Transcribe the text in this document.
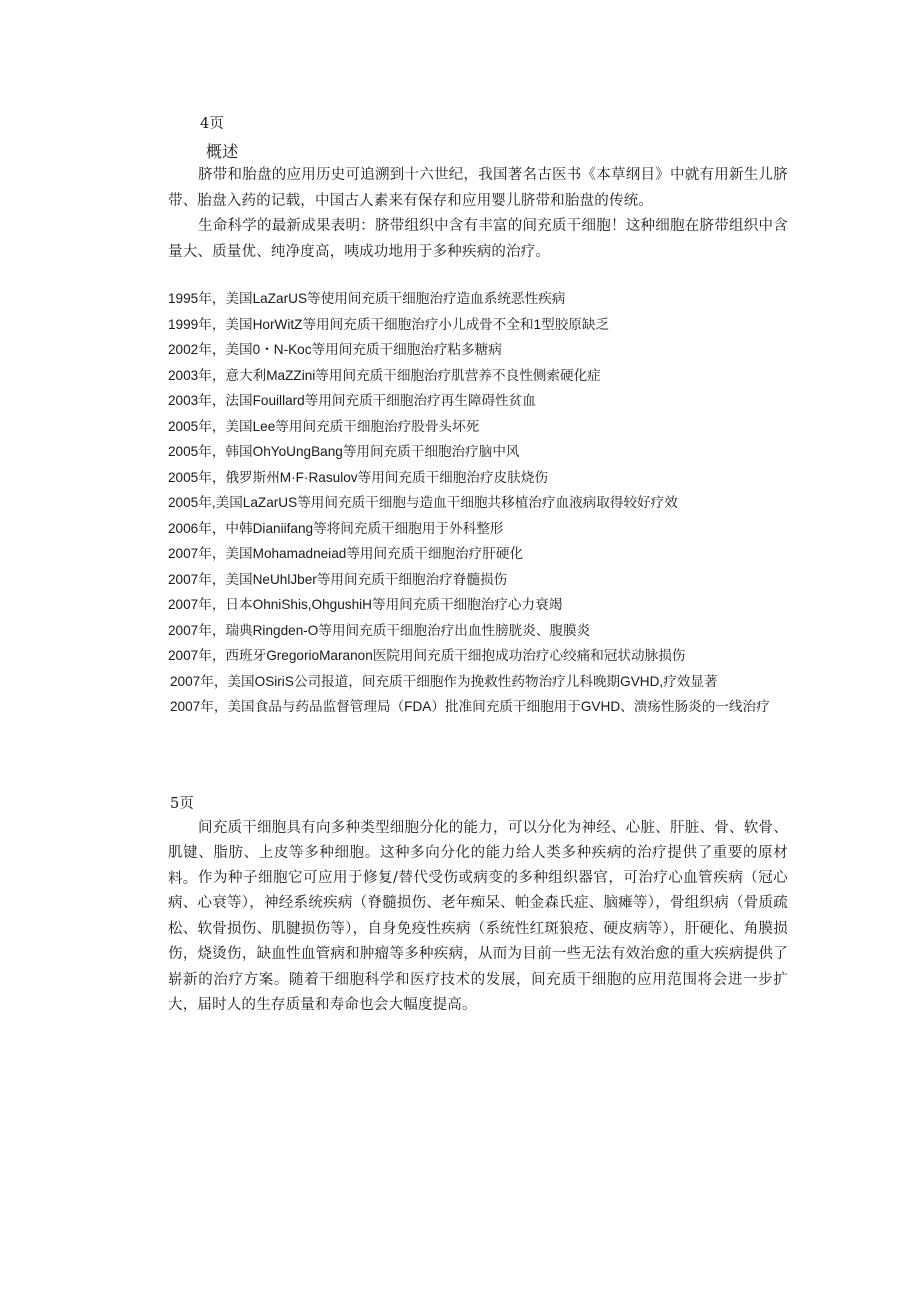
4页
概述
脐带和胎盘的应用历史可追溯到十六世纪，我国著名古医书《本草纲目》中就有用新生儿脐带、胎盘入药的记载，中国古人素来有保存和应用婴儿脐带和胎盘的传统。
生命科学的最新成果表明：脐带组织中含有丰富的间充质干细胞！这种细胞在脐带组织中含量大、质量优、纯净度高，咦成功地用于多种疾病的治疗。
1995年，美国LaZarUS等使用间充质干细胞治疗造血系统恶性疾病
1999年，美国HorWitZ等用间充质干细胞治疗小儿成骨不全和1型胶原缺乏
2002年，美国0・N-Koc等用间充质干细胞治疗粘多糖病
2003年，意大利MaZZini等用间充质干细胞治疗肌营养不良性侧索硬化症
2003年，法国Fouillard等用间充质干细胞治疗再生障碍性贫血
2005年，美国Lee等用间充质干细胞治疗股骨头坏死
2005年，韩国OhYoUngBang等用间充质干细胞治疗脑中风
2005年，俄罗斯州M·F·Rasulov等用间充质干细胞治疗皮肤烧伤
2005年,美国LaZarUS等用间充质干细胞与造血干细胞共移植治疗血液病取得较好疗效
2006年，中韩Dianiifang等将间充质干细胞用于外科整形
2007年，美国Mohamadneiad等用间充质干细胞治疗肝硬化
2007年，美国NeUhlJber等用间充质干细胞治疗脊髓损伤
2007年，日本OhniShis,OhgushiH等用间充质干细胞治疗心力衰竭
2007年，瑞典Ringden-O等用间充质干细胞治疗出血性膀胱炎、腹膜炎
2007年，西班牙GregorioMaranon医院用间充质干细抱成功治疗心绞痛和冠状动脉损伤
2007年，美国OSiriS公司报道，间充质干细胞作为挽救性药物治疗儿科晚期GVHD,疗效显著
2007年，美国食品与药品监督管理局（FDA）批准间充质干细胞用于GVHD、溃疡性肠炎的一线治疗
5页
间充质干细胞具有向多种类型细胞分化的能力，可以分化为神经、心脏、肝脏、骨、软骨、肌键、脂肪、上皮等多种细胞。这种多向分化的能力给人类多种疾病的治疗提供了重要的原材料。 作为种子细胞它可应用于修复/替代受伤或病变的多种组织器官，可治疗心血管疾病（冠心病、心衰等），神经系统疾病（脊髓损伤、老年痴呆、帕金森氏症、脑瘫等），骨组织病（骨质疏松、软骨损伤、肌腱损伤等），自身免疫性疾病（系统性红斑狼疮、硬皮病等），肝硬化、角膜损伤，烧烫伤，缺血性血管病和肿瘤等多种疾病，从而为目前一些无法有效治愈的重大疾病提供了崭新的治疗方案。随着干细胞科学和医疗技术的发展，间充质干细胞的应用范围将会进一步扩大，届时人的生存质量和寿命也会大幅度提高。
